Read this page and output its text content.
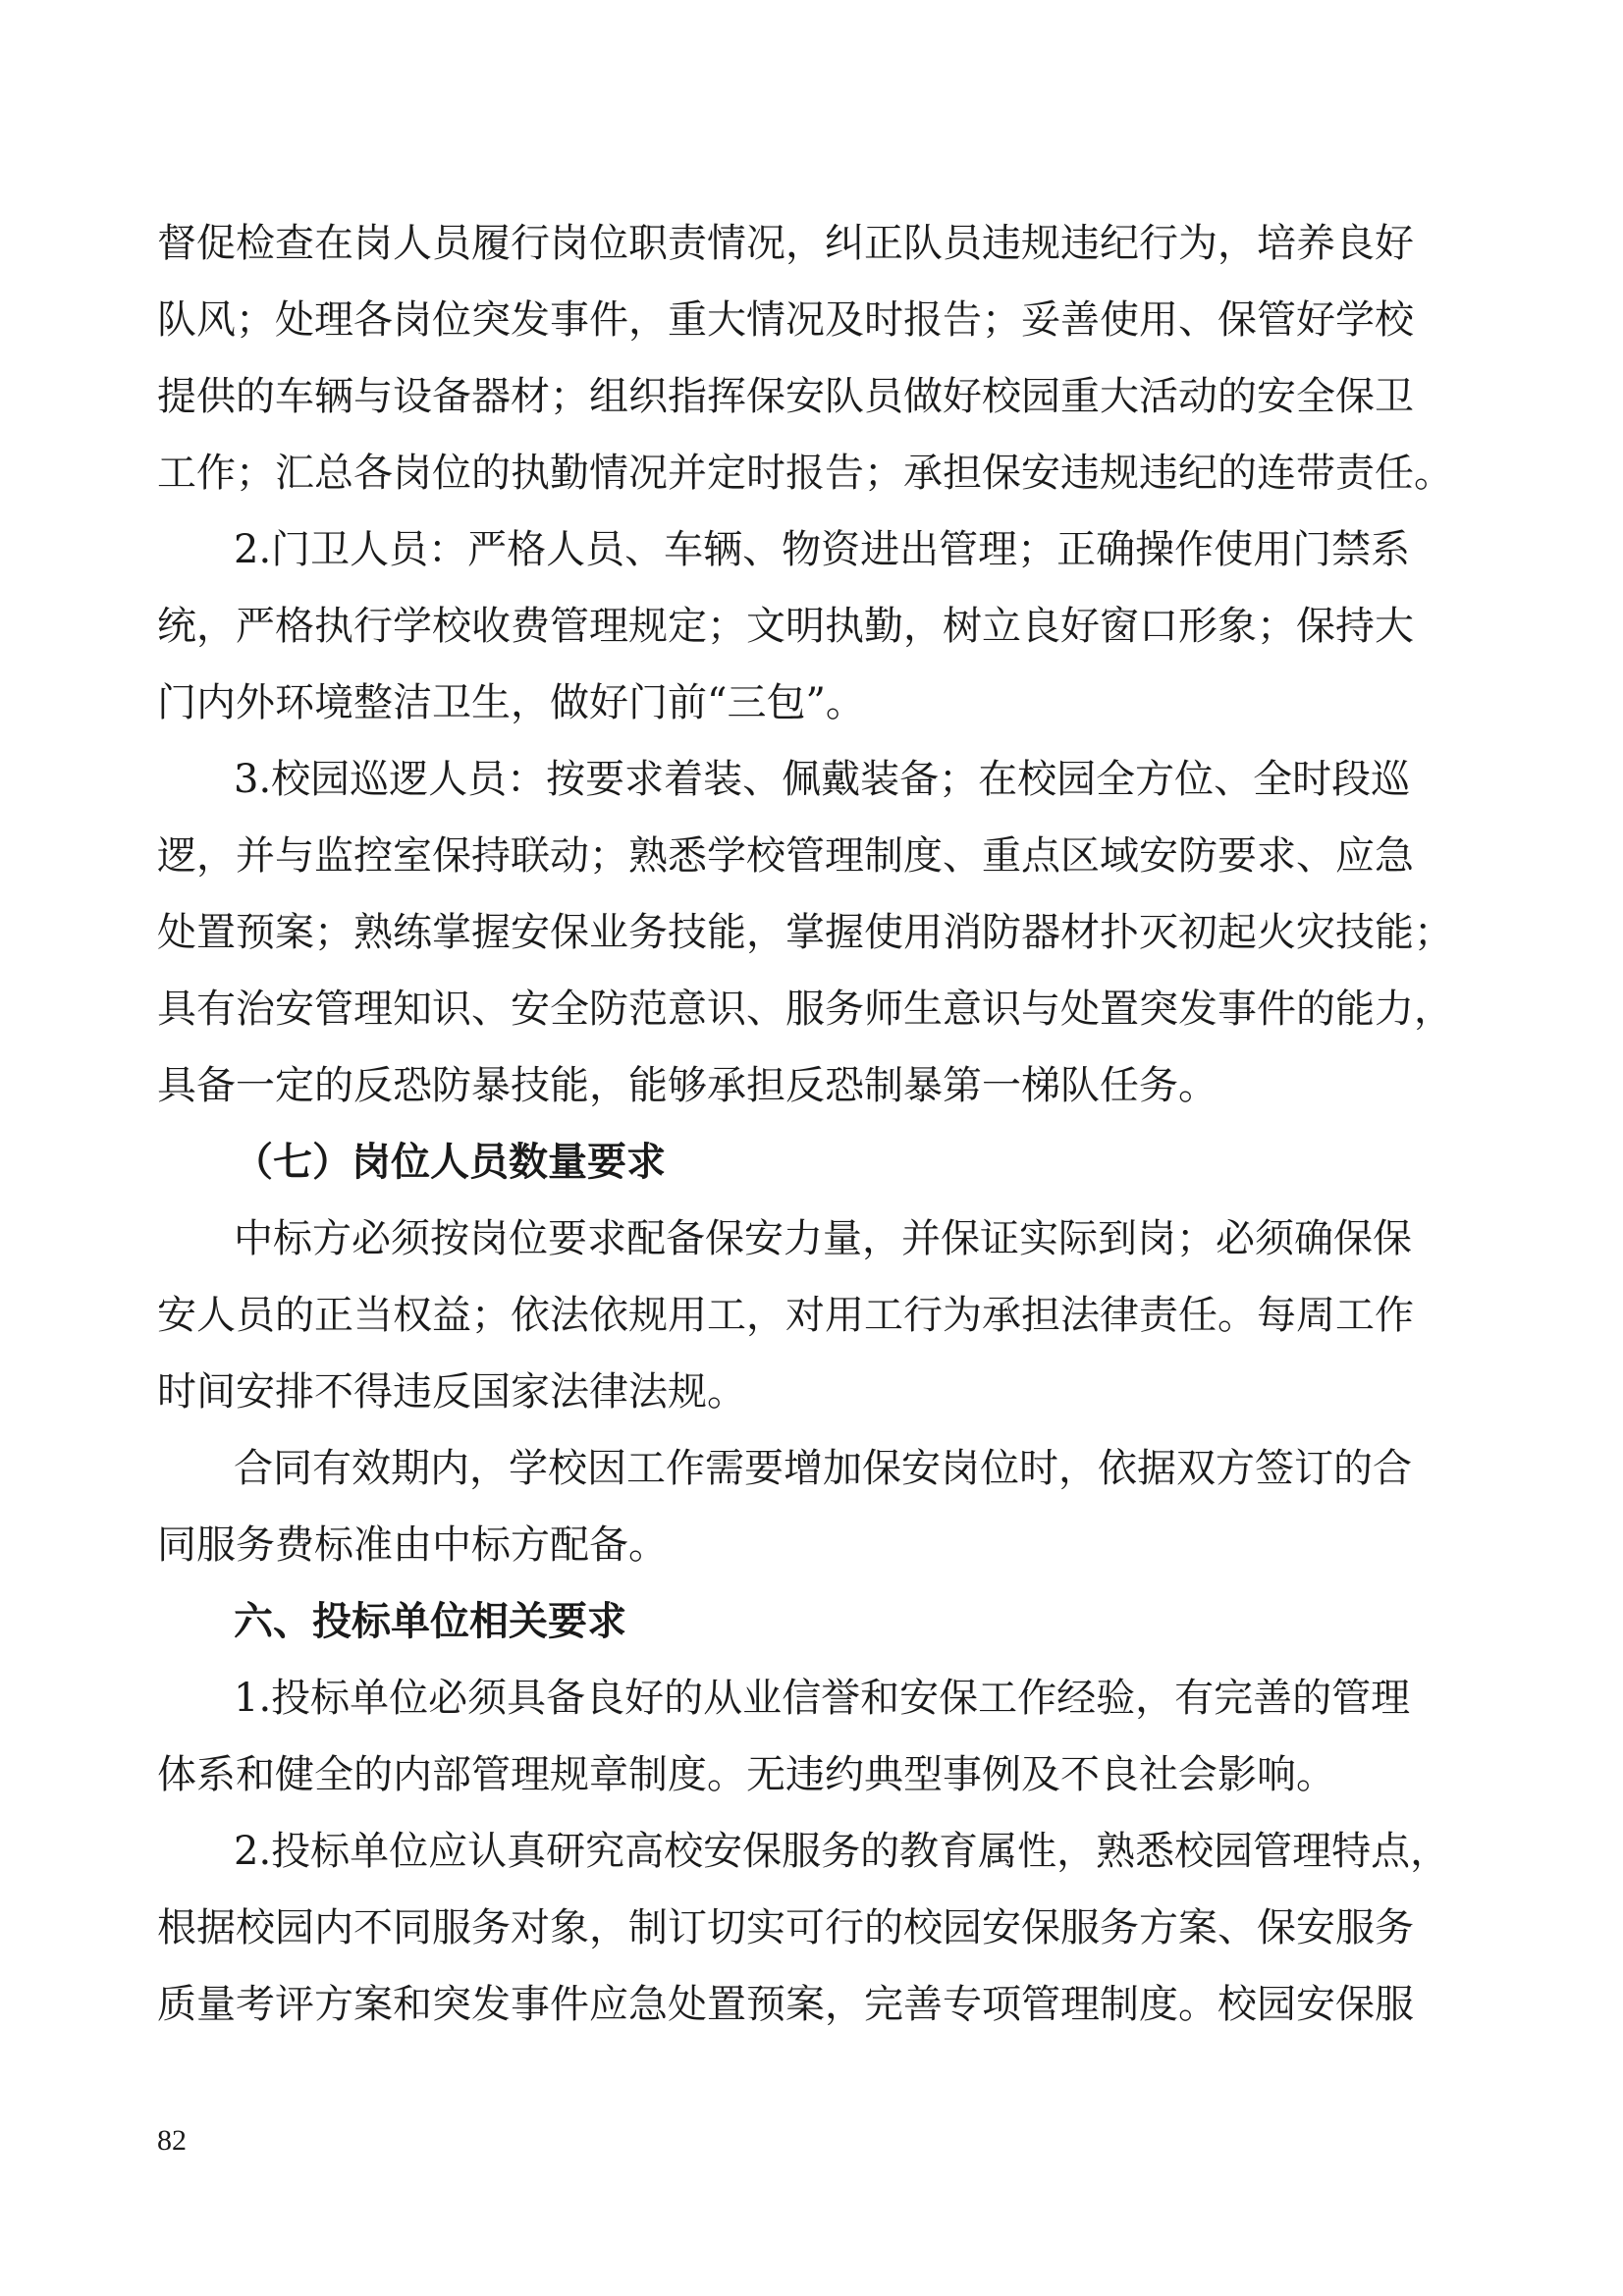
督促检查在岗人员履行岗位职责情况，纠正队员违规违纪行为，培养良好
队风；处理各岗位突发事件，重大情况及时报告；妥善使用、保管好学校
提供的车辆与设备器材；组织指挥保安队员做好校园重大活动的安全保卫
工作；汇总各岗位的执勤情况并定时报告；承担保安违规违纪的连带责任。
2.门卫人员：严格人员、车辆、物资进出管理；正确操作使用门禁系
统，严格执行学校收费管理规定；文明执勤，树立良好窗口形象；保持大
门内外环境整洁卫生，做好门前“三包”。
3.校园巡逻人员：按要求着装、佩戴装备；在校园全方位、全时段巡
逻，并与监控室保持联动；熟悉学校管理制度、重点区域安防要求、应急
处置预案；熟练掌握安保业务技能，掌握使用消防器材扑灭初起火灾技能；
具有治安管理知识、安全防范意识、服务师生意识与处置突发事件的能力，
具备一定的反恐防暴技能，能够承担反恐制暴第一梯队任务。
（七）岗位人员数量要求
中标方必须按岗位要求配备保安力量，并保证实际到岗；必须确保保
安人员的正当权益；依法依规用工，对用工行为承担法律责任。每周工作
时间安排不得违反国家法律法规。
合同有效期内，学校因工作需要增加保安岗位时，依据双方签订的合
同服务费标准由中标方配备。
六、投标单位相关要求
1.投标单位必须具备良好的从业信誉和安保工作经验，有完善的管理
体系和健全的内部管理规章制度。无违约典型事例及不良社会影响。
2.投标单位应认真研究高校安保服务的教育属性，熟悉校园管理特点，
根据校园内不同服务对象，制订切实可行的校园安保服务方案、保安服务
质量考评方案和突发事件应急处置预案，完善专项管理制度。校园安保服
82
